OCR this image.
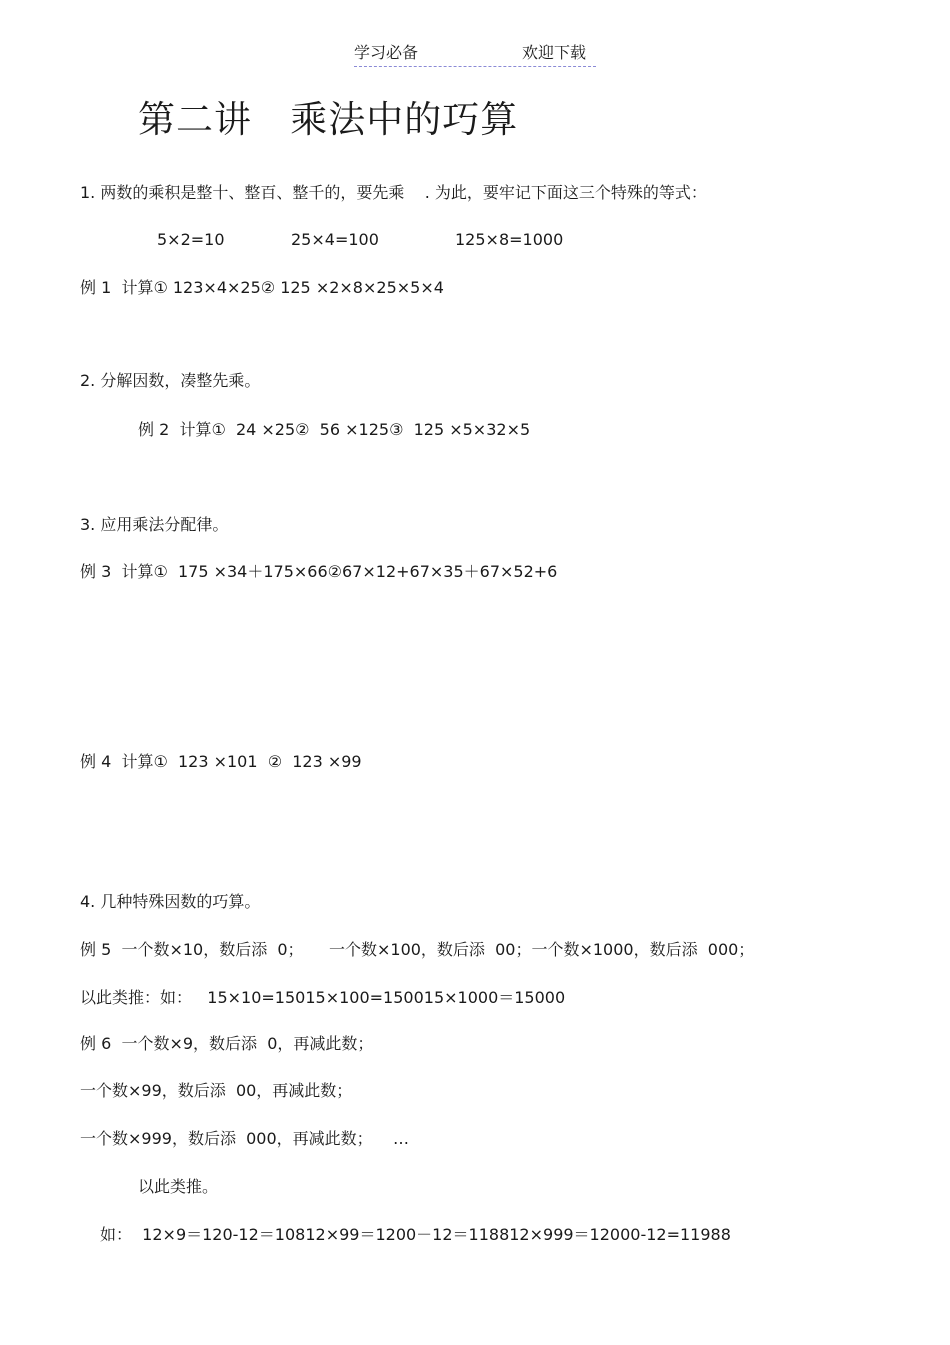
学习必备	欢迎下载
第二讲   乘法中的巧算

1. 两数的乘积是整十、整百、整千的，要先乘    . 为此，要牢记下面这三个特殊的等式：

5×2=10	25×4=100	125×8=1000

例 1  计算① 123×4×25② 125 ×2×8×25×5×4

2. 分解因数，凑整先乘。

例 2  计算①  24 ×25②  56 ×125③  125 ×5×32×5

3. 应用乘法分配律。

例 3  计算①  175 ×34＋175×66②67×12+67×35＋67×52+6

例 4  计算①  123 ×101  ②  123 ×99

4. 几种特殊因数的巧算。

例 5  一个数×10，数后添  0；     一个数×100，数后添  00；一个数×1000，数后添  000；

以此类推：如：   15×10=15015×100=150015×1000＝15000

例 6  一个数×9，数后添  0，再减此数；

一个数×99，数后添  00，再减此数；

一个数×999，数后添  000，再减此数；    …

以此类推。

如：  12×9＝120-12＝10812×99＝1200－12＝118812×999＝12000-12=11988
